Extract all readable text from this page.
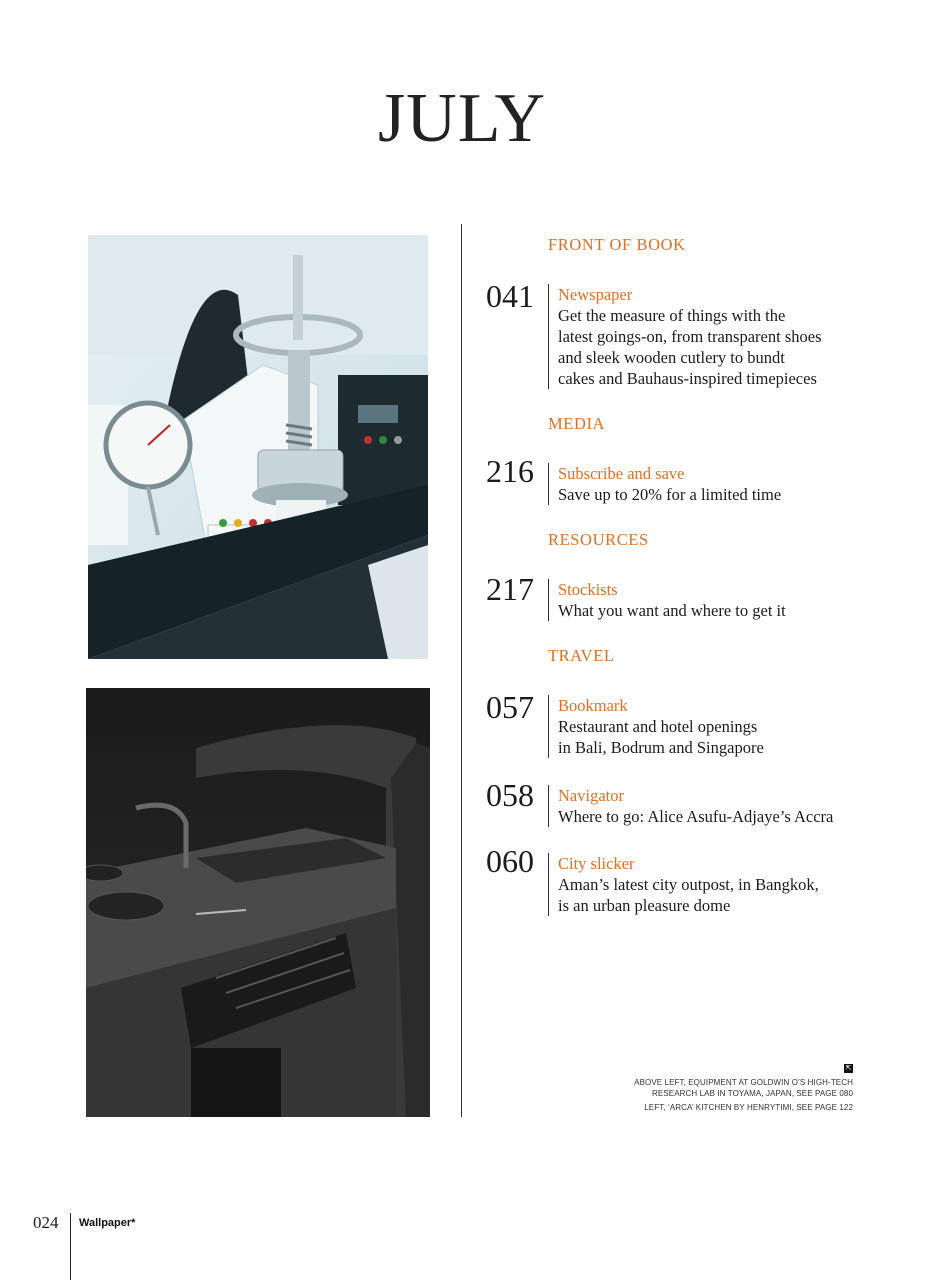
JULY
FRONT OF BOOK
041 Newspaper
Get the measure of things with the
latest goings-on, from transparent shoes
and sleek wooden cutlery to bundt
cakes and Bauhaus-inspired timepieces
MEDIA
216 Subscribe and save
Save up to 20% for a limited time
RESOURCES
217 Stockists
What you want and where to get it
TRAVEL
057 Bookmark
Restaurant and hotel openings
in Bali, Bodrum and Singapore
058 Navigator
Where to go: Alice Asufu-Adjaye’s Accra
060 City slicker
Aman’s latest city outpost, in Bangkok,
is an urban pleasure dome
⇱

ABOVE LEFT, EQUIPMENT AT GOLDWIN O’S HIGH-TECH
RESEARCH LAB IN TOYAMA, JAPAN, SEE PAGE 080

LEFT, ‘ARCA’ KITCHEN BY HENRYTIMI, SEE PAGE 122

024 Wallpaper*
